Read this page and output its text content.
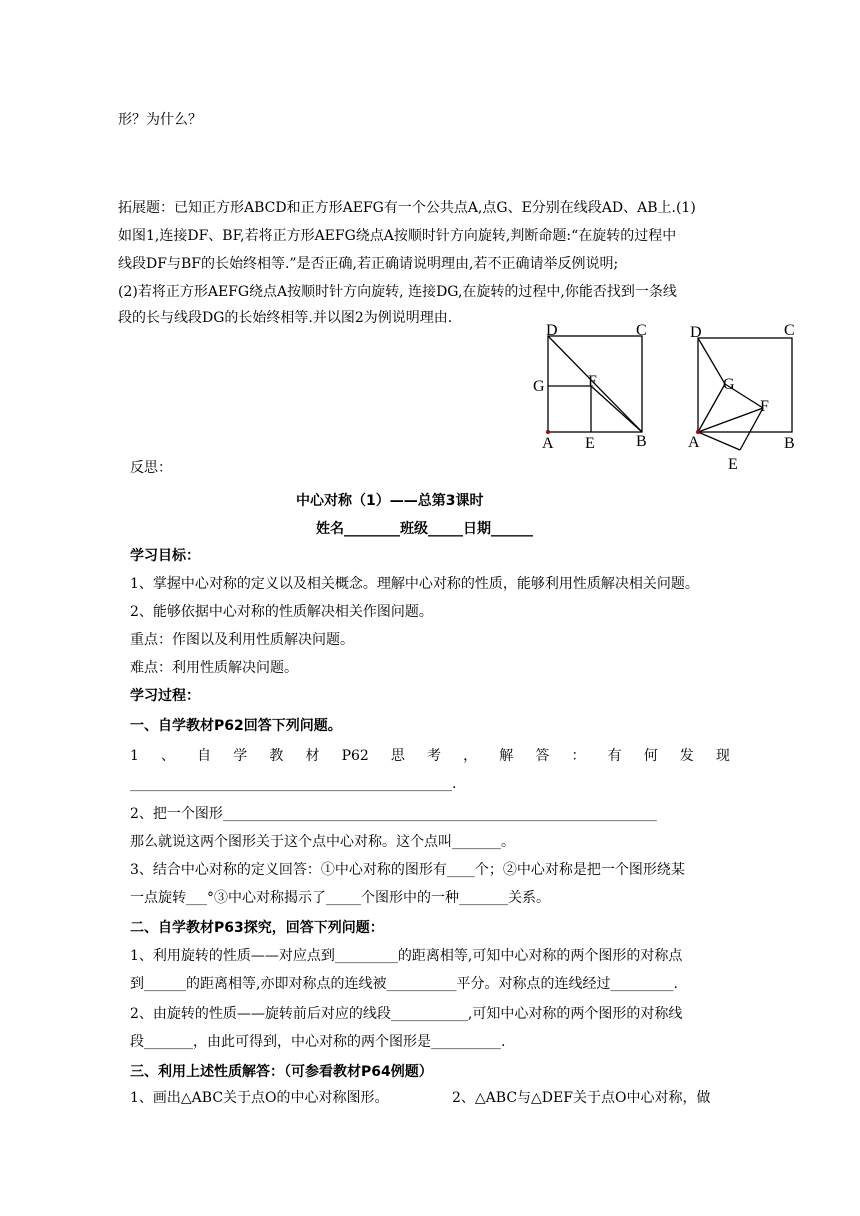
形？为什么？
拓展题：已知正方形ABCD和正方形AEFG有一个公共点A,点G、E分别在线段AD、AB上.(1)
如图1,连接DF、BF,若将正方形AEFG绕点A按顺时针方向旋转,判断命题:“在旋转的过程中
线段DF与BF的长始终相等.”是否正确,若正确请说明理由,若不正确请举反例说明;
(2)若将正方形AEFG绕点A按顺时针方向旋转, 连接DG,在旋转的过程中,你能否找到一条线
段的长与线段DG的长始终相等.并以图2为例说明理由.
D	C
G	F
A E	B
D	C
G
F
A
E
B
反思：
中心对称（1）——总第3课时
姓名________班级_____日期______
学习目标：
1、掌握中心对称的定义以及相关概念。理解中心对称的性质，能够利用性质解决相关问题。
2、能够依据中心对称的性质解决相关作图问题。
重点：作图以及利用性质解决问题。
难点：利用性质解决问题。
学习过程：
一、自学教材P62回答下列问题。
1 、 自 学 教 材 P62 思 考 ， 解 答 ： 有 何 发 现
______________________________________________.
2、把一个图形______________________________________________________________
那么就说这两个图形关于这个点中心对称。这个点叫_______。
3、结合中心对称的定义回答：①中心对称的图形有____个；②中心对称是把一个图形绕某
一点旋转___°③中心对称揭示了_____个图形中的一种_______关系。
二、自学教材P63探究，回答下列问题：
1、利用旋转的性质——对应点到_________的距离相等,可知中心对称的两个图形的对称点
到______的距离相等,亦即对称点的连线被__________平分。对称点的连线经过_________.
2、由旋转的性质——旋转前后对应的线段___________,可知中心对称的两个图形的对称线
段_______，由此可得到，中心对称的两个图形是__________.
三、利用上述性质解答：（可参看教材P64例题）
1、画出△ABC关于点O的中心对称图形。	2、△ABC与△DEF关于点O中心对称，做
